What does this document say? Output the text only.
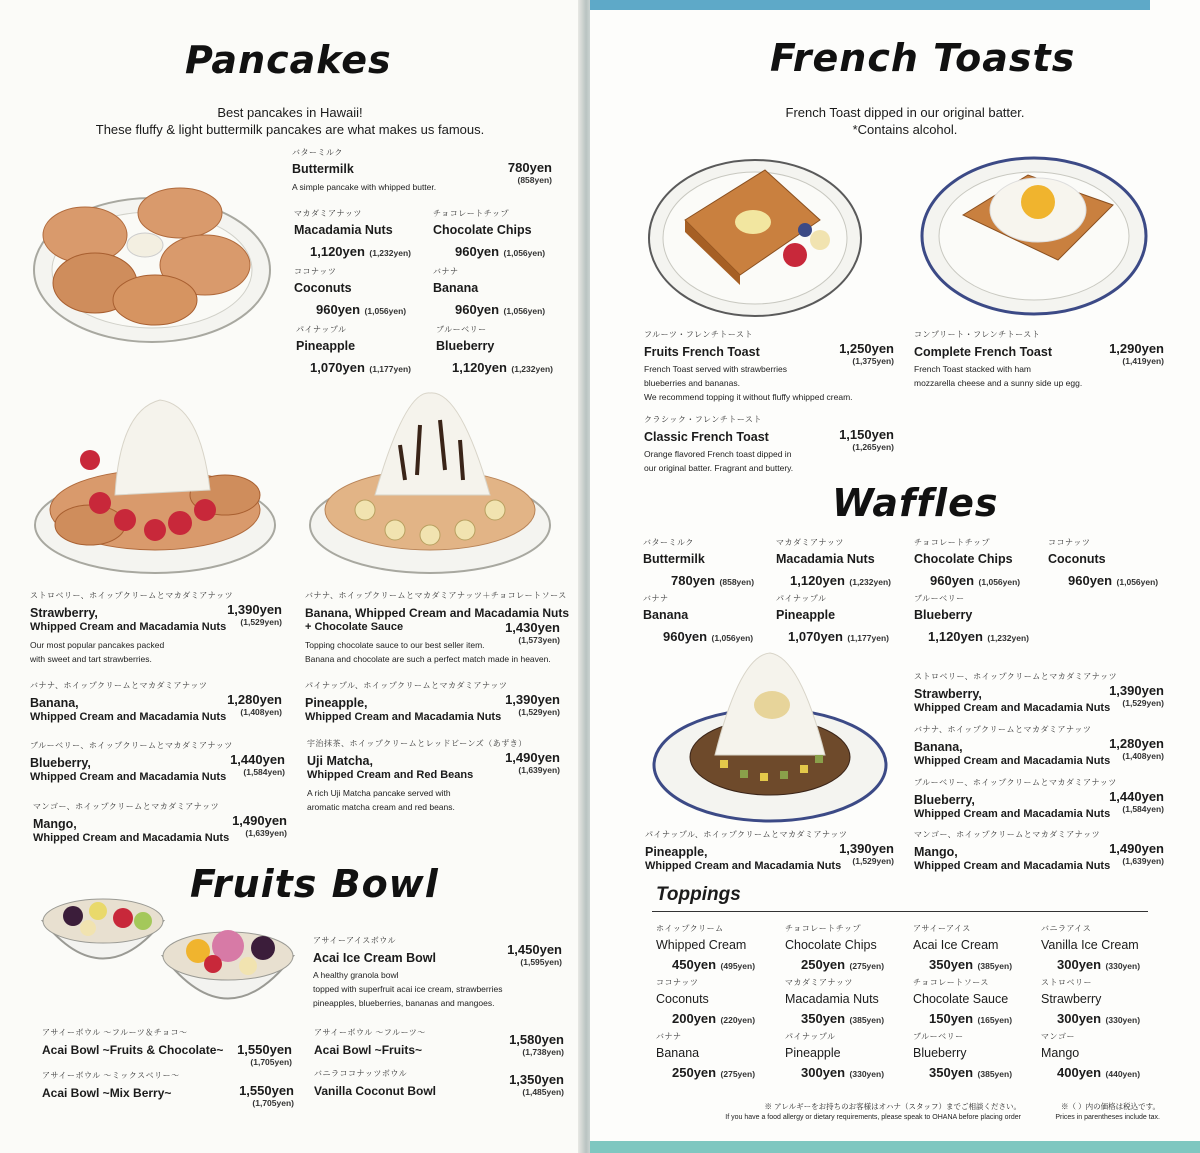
Pancakes
Best pancakes in Hawaii!
These fluffy & light buttermilk pancakes are what makes us famous.
バターミルク
Buttermilk
A simple pancake with whipped butter.
780yen
(858yen)
マカダミアナッツ
Macadamia Nuts
1,120yen (1,232yen)
チョコレートチップ
Chocolate Chips
960yen (1,056yen)
ココナッツ
Coconuts
960yen (1,056yen)
バナナ
Banana
960yen (1,056yen)
パイナップル
Pineapple
1,070yen (1,177yen)
ブルーベリー
Blueberry
1,120yen (1,232yen)
ストロベリー、ホイップクリームとマカダミアナッツ
Strawberry,
Whipped Cream and Macadamia Nuts
Our most popular pancakes packed
with sweet and tart strawberries.
1,390yen
(1,529yen)
バナナ、ホイップクリームとマカダミアナッツ＋チョコレートソース
Banana, Whipped Cream and Macadamia Nuts
+ Chocolate Sauce
Topping chocolate sauce to our best seller item.
Banana and chocolate are such a perfect match made in heaven.
1,430yen
(1,573yen)
バナナ、ホイップクリームとマカダミアナッツ
Banana,
Whipped Cream and Macadamia Nuts
1,280yen
(1,408yen)
パイナップル、ホイップクリームとマカダミアナッツ
Pineapple,
Whipped Cream and Macadamia Nuts
1,390yen
(1,529yen)
ブルーベリー、ホイップクリームとマカダミアナッツ
Blueberry,
Whipped Cream and Macadamia Nuts
1,440yen
(1,584yen)
宇治抹茶、ホイップクリームとレッドビーンズ（あずき）
Uji Matcha,
Whipped Cream and Red Beans
A rich Uji Matcha pancake served with
aromatic matcha cream and red beans.
1,490yen
(1,639yen)
マンゴー、ホイップクリームとマカダミアナッツ
Mango,
Whipped Cream and Macadamia Nuts
1,490yen
(1,639yen)
Fruits Bowl
アサイーアイスボウル
Acai Ice Cream Bowl
A healthy granola bowl
topped with superfruit acai ice cream, strawberries
pineapples, blueberries, bananas and mangoes.
1,450yen
(1,595yen)
アサイーボウル ～フルーツ＆チョコ～
Acai Bowl ~Fruits & Chocolate~	1,550yen
(1,705yen)
アサイーボウル ～フルーツ～
Acai Bowl ~Fruits~
1,580yen
(1,738yen)
アサイーボウル ～ミックスベリー～
Acai Bowl ~Mix Berry~	1,550yen
(1,705yen)
バニラココナッツボウル
Vanilla Coconut Bowl
1,350yen
(1,485yen)
French Toasts
French Toast dipped in our original batter.
*Contains alcohol.
フルーツ・フレンチトースト
Fruits French Toast
French Toast served with strawberries
blueberries and bananas.
We recommend topping it without fluffy whipped cream.
1,250yen
(1,375yen)
コンプリート・フレンチトースト
Complete French Toast
French Toast stacked with ham
mozzarella cheese and a sunny side up egg.
1,290yen
(1,419yen)
クラシック・フレンチトースト
Classic French Toast
Orange flavored French toast dipped in
our original batter. Fragrant and buttery.
1,150yen
(1,265yen)
Waffles
バターミルク
Buttermilk
780yen (858yen)
マカダミアナッツ
Macadamia Nuts
1,120yen (1,232yen)
チョコレートチップ
Chocolate Chips
960yen (1,056yen)
ココナッツ
Coconuts
960yen (1,056yen)
バナナ
Banana
960yen (1,056yen)
パイナップル
Pineapple
1,070yen (1,177yen)
ブルーベリー
Blueberry
1,120yen (1,232yen)
ストロベリー、ホイップクリームとマカダミアナッツ
Strawberry,
Whipped Cream and Macadamia Nuts
1,390yen
(1,529yen)
バナナ、ホイップクリームとマカダミアナッツ
Banana,
Whipped Cream and Macadamia Nuts
1,280yen
(1,408yen)
ブルーベリー、ホイップクリームとマカダミアナッツ
Blueberry,
Whipped Cream and Macadamia Nuts
1,440yen
(1,584yen)
パイナップル、ホイップクリームとマカダミアナッツ
Pineapple,
Whipped Cream and Macadamia Nuts
1,390yen
(1,529yen)
マンゴー、ホイップクリームとマカダミアナッツ
Mango,
Whipped Cream and Macadamia Nuts
1,490yen
(1,639yen)
Toppings
ホイップクリーム
Whipped Cream
450yen (495yen)
チョコレートチップ
Chocolate Chips
250yen (275yen)
アサイーアイス
Acai Ice Cream
350yen (385yen)
バニラアイス
Vanilla Ice Cream
300yen (330yen)
ココナッツ
Coconuts
200yen (220yen)
マカダミアナッツ
Macadamia Nuts
350yen (385yen)
チョコレートソース
Chocolate Sauce
150yen (165yen)
ストロベリー
Strawberry
300yen (330yen)
バナナ
Banana
250yen (275yen)
パイナップル
Pineapple
300yen (330yen)
ブルーベリー
Blueberry
350yen (385yen)
マンゴー
Mango
400yen (440yen)
※ アレルギーをお持ちのお客様はオハナ（スタッフ）までご相談ください。
If you have a food allergy or dietary requirements, please speak to OHANA before placing order
※（ ）内の価格は税込です。
Prices in parentheses include tax.
